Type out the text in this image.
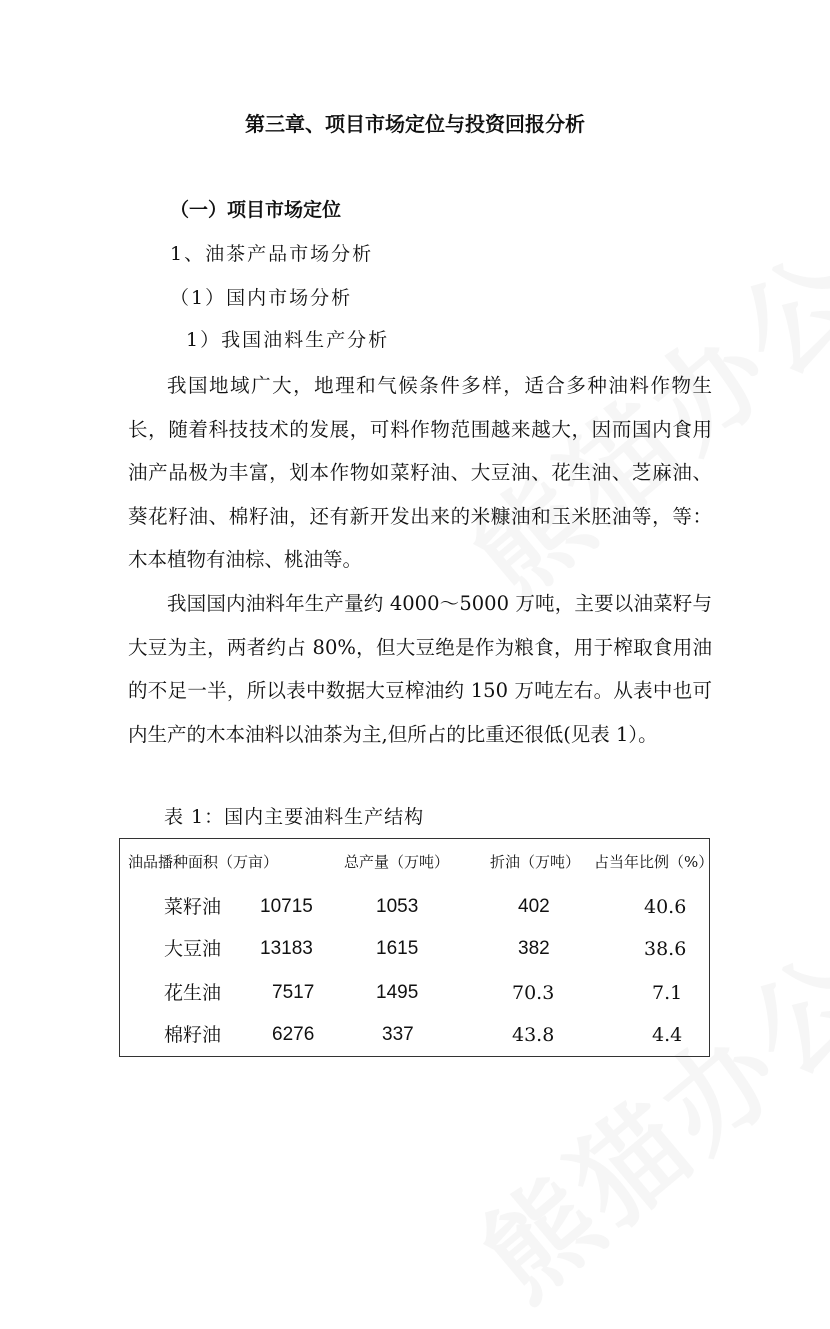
第三章、项目市场定位与投资回报分析
（一）项目市场定位
1、油茶产品市场分析
（1）国内市场分析
1）我国油料生产分析

我国地域广大，地理和气候条件多样，适合多种油料作物生长，随着科技技术的发展，可料作物范围越来越大，因而国内食用油产品极为丰富，划本作物如菜籽油、大豆油、花生油、芝麻油、葵花籽油、棉籽油，还有新开发出来的米糠油和玉米胚油等，等：木本植物有油棕、桃油等。

我国国内油料年生产量约 4000～5000 万吨，主要以油菜籽与大豆为主，两者约占 80%，但大豆绝是作为粮食，用于榨取食用油的不足一半，所以表中数据大豆榨油约 150 万吨左右。从表中也可 内生产的木本油料以油茶为主,但所占的比重还很低(见表 1）。

表 1：国内主要油料生产结构
油品播种面积（万亩）	总产量（万吨）	折油（万吨） 占当年比例（%）
菜籽油 10715	1053	402	40.6
大豆油 13183	1615	382	38.6
花生油	7517	1495	70.3	7.1
棉籽油	6276	337	43.8	4.4
